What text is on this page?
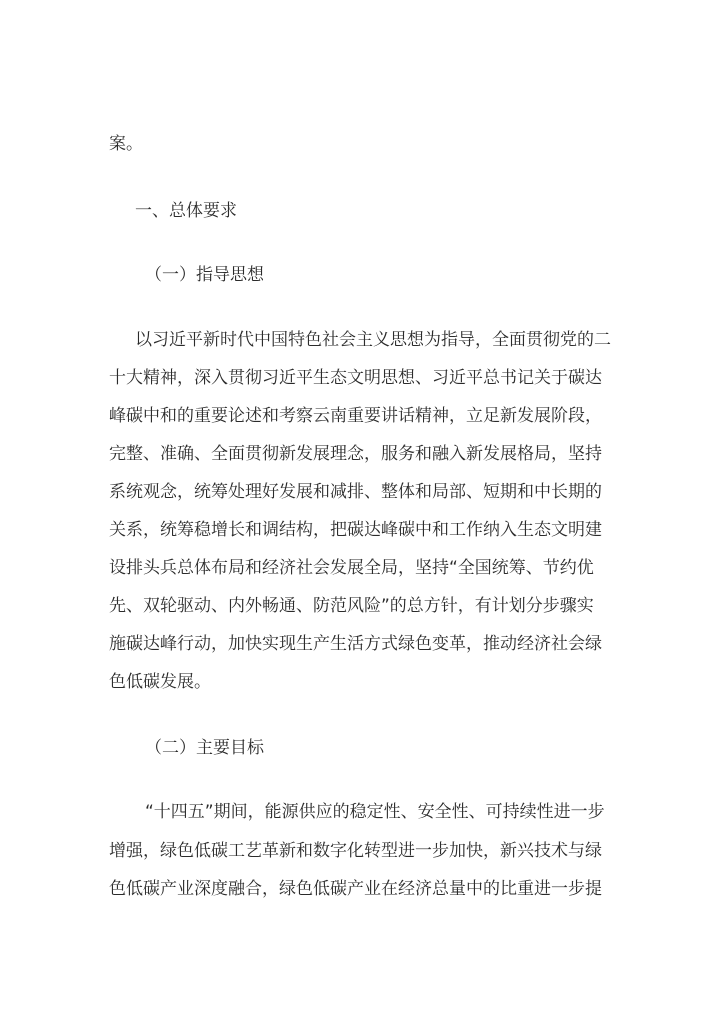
案。
一、总体要求
（一）指导思想
以习近平新时代中国特色社会主义思想为指导，全面贯彻党的二
十大精神，深入贯彻习近平生态文明思想、习近平总书记关于碳达
峰碳中和的重要论述和考察云南重要讲话精神，立足新发展阶段，
完整、准确、全面贯彻新发展理念，服务和融入新发展格局，坚持
系统观念，统筹处理好发展和减排、整体和局部、短期和中长期的
关系，统筹稳增长和调结构，把碳达峰碳中和工作纳入生态文明建
设排头兵总体布局和经济社会发展全局，坚持“全国统筹、节约优
先、双轮驱动、内外畅通、防范风险”的总方针，有计划分步骤实
施碳达峰行动，加快实现生产生活方式绿色变革，推动经济社会绿
色低碳发展。
（二）主要目标
“十四五”期间，能源供应的稳定性、安全性、可持续性进一步
增强，绿色低碳工艺革新和数字化转型进一步加快，新兴技术与绿
色低碳产业深度融合，绿色低碳产业在经济总量中的比重进一步提
